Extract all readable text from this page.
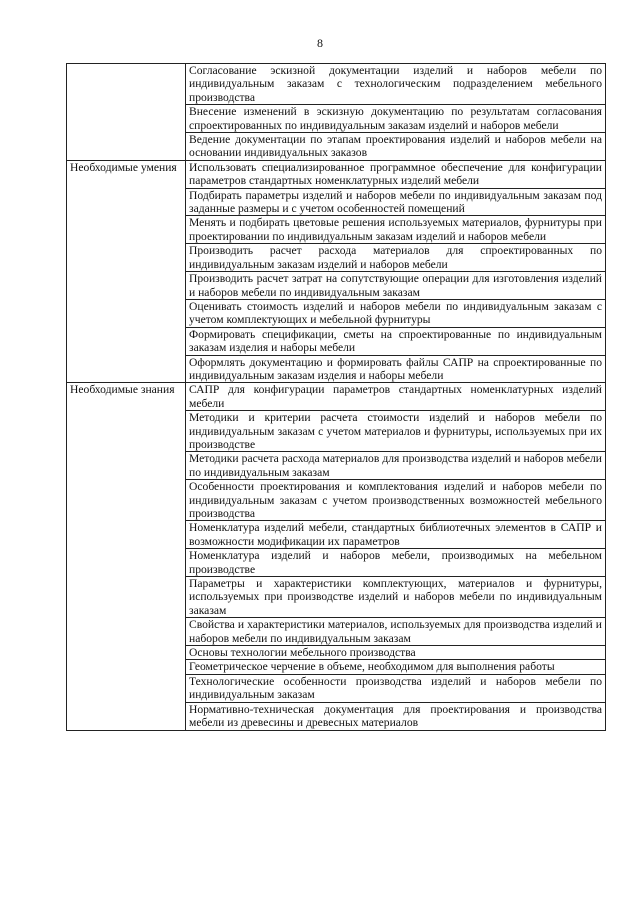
8
	Согласование эскизной документации изделий и наборов мебели по индивидуальным заказам с технологическим подразделением мебельного производства
	Внесение изменений в эскизную документацию по результатам согласования спроектированных по индивидуальным заказам изделий и наборов мебели
	Ведение документации по этапам проектирования изделий и наборов мебели на основании индивидуальных заказов
Необходимые умения	Использовать специализированное программное обеспечение для конфигурации параметров стандартных номенклатурных изделий мебели
	Подбирать параметры изделий и наборов мебели по индивидуальным заказам под заданные размеры и с учетом особенностей помещений
	Менять и подбирать цветовые решения используемых материалов, фурнитуры при проектировании по индивидуальным заказам изделий и наборов мебели
	Производить расчет расхода материалов для спроектированных по индивидуальным заказам изделий и наборов мебели
	Производить расчет затрат на сопутствующие операции для изготовления изделий и наборов мебели по индивидуальным заказам
	Оценивать стоимость изделий и наборов мебели по индивидуальным заказам с учетом комплектующих и мебельной фурнитуры
	Формировать спецификации, сметы на спроектированные по индивидуальным заказам изделия и наборы мебели
	Оформлять документацию и формировать файлы САПР на спроектированные по индивидуальным заказам изделия и наборы мебели
Необходимые знания	САПР для конфигурации параметров стандартных номенклатурных изделий мебели
	Методики и критерии расчета стоимости изделий и наборов мебели по индивидуальным заказам с учетом материалов и фурнитуры, используемых при их производстве
	Методики расчета расхода материалов для производства изделий и наборов мебели по индивидуальным заказам
	Особенности проектирования и комплектования изделий и наборов мебели по индивидуальным заказам с учетом производственных возможностей мебельного производства
	Номенклатура изделий мебели, стандартных библиотечных элементов в САПР и возможности модификации их параметров
	Номенклатура изделий и наборов мебели, производимых на мебельном производстве
	Параметры и характеристики комплектующих, материалов и фурнитуры, используемых при производстве изделий и наборов мебели по индивидуальным заказам
	Свойства и характеристики материалов, используемых для производства изделий и наборов мебели по индивидуальным заказам
	Основы технологии мебельного производства
	Геометрическое черчение в объеме, необходимом для выполнения работы
	Технологические особенности производства изделий и наборов мебели по индивидуальным заказам
	Нормативно-техническая документация для проектирования и производства мебели из древесины и древесных материалов
